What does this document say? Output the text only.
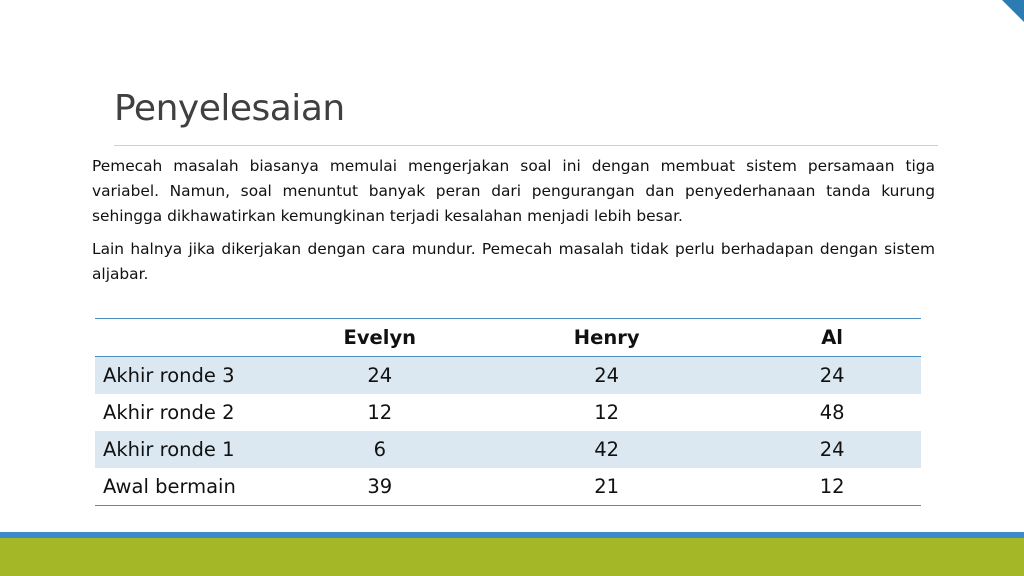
Penyelesaian

Pemecah masalah biasanya memulai mengerjakan soal ini dengan membuat sistem persamaan tiga variabel. Namun, soal menuntut banyak peran dari pengurangan dan penyederhanaan tanda kurung sehingga dikhawatirkan kemungkinan terjadi kesalahan menjadi lebih besar.

Lain halnya jika dikerjakan dengan cara mundur. Pemecah masalah tidak perlu berhadapan dengan sistem aljabar.

	Evelyn	Henry	Al
Akhir ronde 3	24	24	24
Akhir ronde 2	12	12	48
Akhir ronde 1	6	42	24
Awal bermain	39	21	12
